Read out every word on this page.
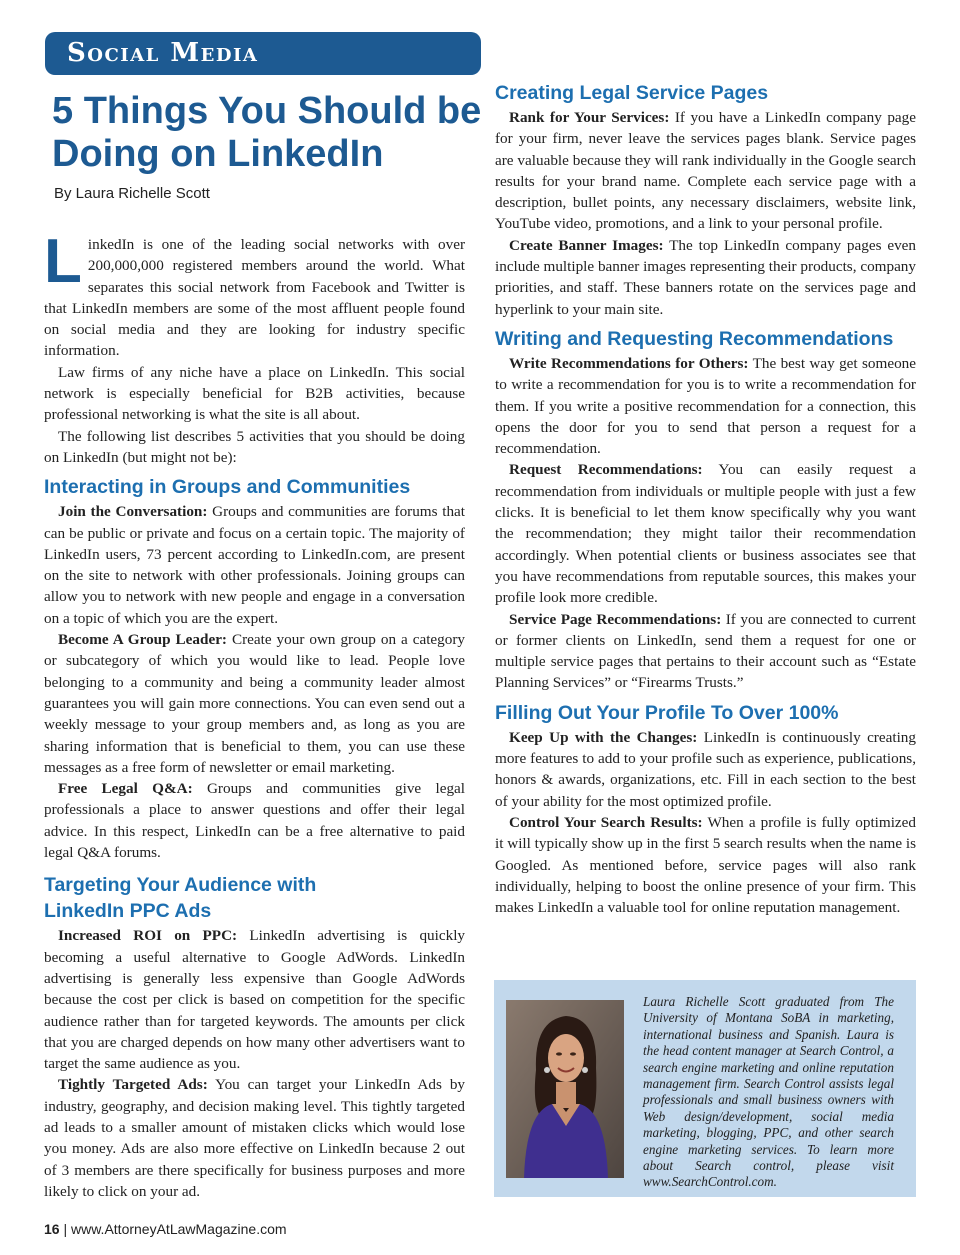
Social Media
5 Things You Should be Doing on LinkedIn
By Laura Richelle Scott

LinkedIn is one of the leading social networks with over 200,000,000 registered members around the world. What separates this social network from Facebook and Twitter is that LinkedIn members are some of the most affluent people found on social media and they are looking for industry specific information.

Law firms of any niche have a place on LinkedIn. This social network is especially beneficial for B2B activities, because professional networking is what the site is all about.

The following list describes 5 activities that you should be doing on LinkedIn (but might not be):

Interacting in Groups and Communities

Join the Conversation: Groups and communities are forums that can be public or private and focus on a certain topic. The majority of LinkedIn users, 73 percent according to LinkedIn.com, are present on the site to network with other professionals. Joining groups can allow you to network with new people and engage in a conversation on a topic of which you are the expert.

Become A Group Leader: Create your own group on a category or subcategory of which you would like to lead. People love belonging to a community and being a community leader almost guarantees you will gain more connections. You can even send out a weekly message to your group members and, as long as you are sharing information that is beneficial to them, you can use these messages as a free form of newsletter or email marketing.

Free Legal Q&A: Groups and communities give legal professionals a place to answer questions and offer their legal advice. In this respect, LinkedIn can be a free alternative to paid legal Q&A forums.

Targeting Your Audience with
LinkedIn PPC Ads

Increased ROI on PPC: LinkedIn advertising is quickly becoming a useful alternative to Google AdWords. LinkedIn advertising is generally less expensive than Google AdWords because the cost per click is based on competition for the specific audience rather than for targeted keywords. The amounts per click that you are charged depends on how many other advertisers want to target the same audience as you.

Tightly Targeted Ads: You can target your LinkedIn Ads by industry, geography, and decision making level. This tightly targeted ad leads to a smaller amount of mistaken clicks which would lose you money. Ads are also more effective on LinkedIn because 2 out of 3 members are there specifically for business purposes and more likely to click on your ad.

Creating Legal Service Pages

Rank for Your Services: If you have a LinkedIn company page for your firm, never leave the services pages blank. Service pages are valuable because they will rank individually in the Google search results for your brand name. Complete each service page with a description, bullet points, any necessary disclaimers, website link, YouTube video, promotions, and a link to your personal profile.

Create Banner Images: The top LinkedIn company pages even include multiple banner images representing their products, company priorities, and staff. These banners rotate on the services page and hyperlink to your main site.

Writing and Requesting Recommendations

Write Recommendations for Others: The best way get someone to write a recommendation for you is to write a recommendation for them. If you write a positive recommendation for a connection, this opens the door for you to send that person a request for a recommendation.

Request Recommendations: You can easily request a recommendation from individuals or multiple people with just a few clicks. It is beneficial to let them know specifically why you want the recommendation; they might tailor their recommendation accordingly. When potential clients or business associates see that you have recommendations from reputable sources, this makes your profile look more credible.

Service Page Recommendations: If you are connected to current or former clients on LinkedIn, send them a request for one or multiple service pages that pertains to their account such as “Estate Planning Services” or “Firearms Trusts.”

Filling Out Your Profile To Over 100%

Keep Up with the Changes: LinkedIn is continuously creating more features to add to your profile such as experience, publications, honors & awards, organizations, etc. Fill in each section to the best of your ability for the most optimized profile.

Control Your Search Results: When a profile is fully optimized it will typically show up in the first 5 search results when the name is Googled. As mentioned before, service pages will also rank individually, helping to boost the online presence of your firm. This makes LinkedIn a valuable tool for online reputation management.

Laura Richelle Scott graduated from The University of Montana SoBA in marketing, international business and Spanish. Laura is the head content manager at Search Control, a search engine marketing and online reputation management firm. Search Control assists legal professionals and small business owners with Web design/development, social media marketing, blogging, PPC, and other search engine marketing services. To learn more about Search control, please visit www.SearchControl.com.
16 | www.AttorneyAtLawMagazine.com
